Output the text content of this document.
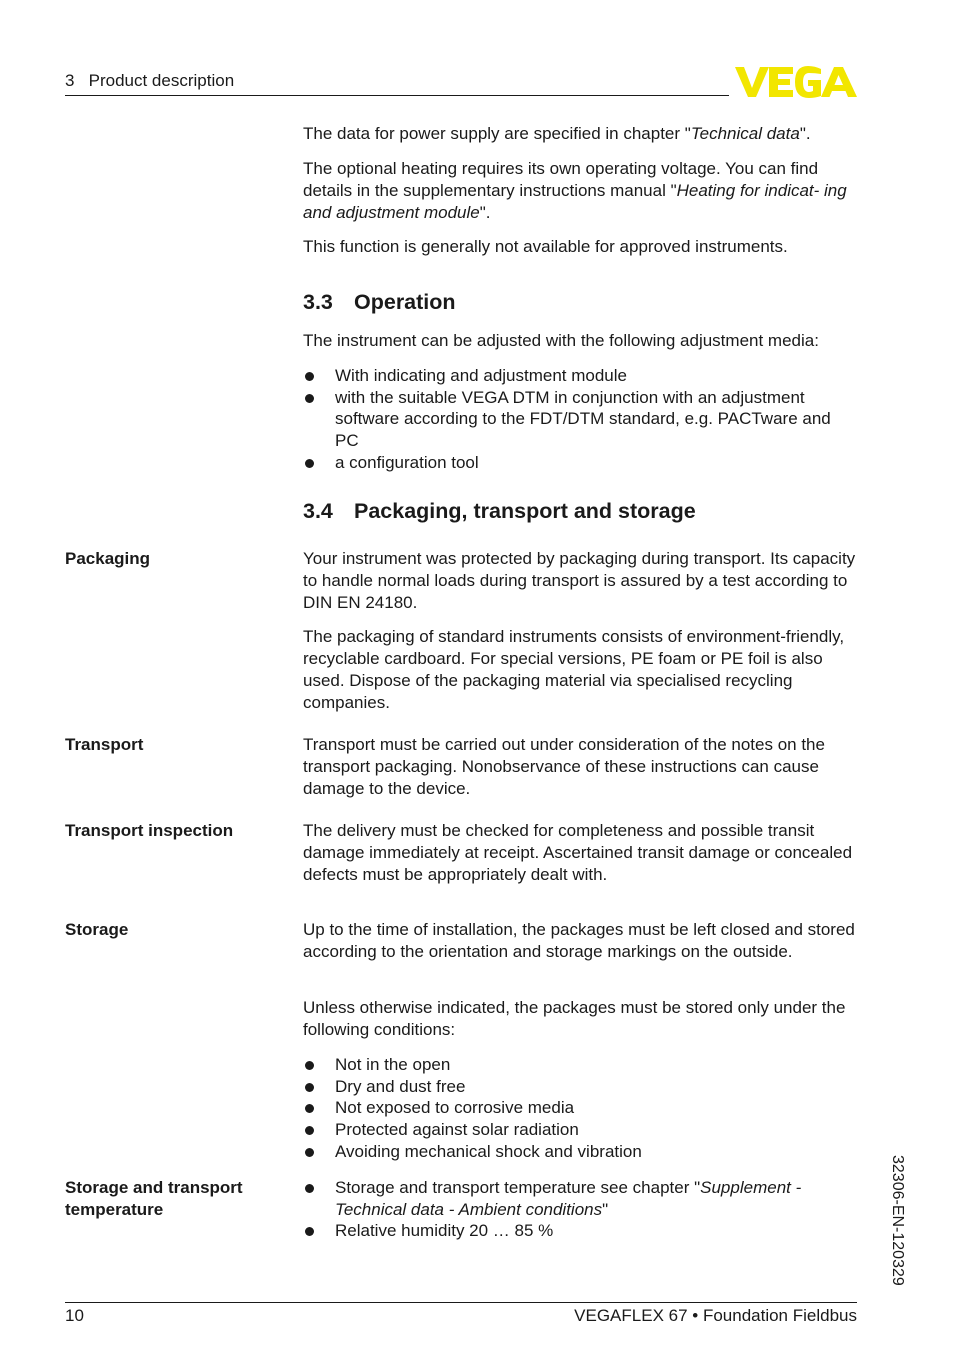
3   Product description

The data for power supply are specified in chapter "Technical data".

The optional heating requires its own operating voltage. You can find details in the supplementary instructions manual "Heating for indicat- ing and adjustment module".

This function is generally not available for approved instruments.

3.3 Operation

The instrument can be adjusted with the following adjustment media:

With indicating and adjustment module
with the suitable VEGA DTM in conjunction with an adjustment software according to the FDT/DTM standard, e.g. PACTware and PC
a configuration tool
3.4 Packaging, transport and storage
Packaging	Your instrument was protected by packaging during transport. Its capacity to handle normal loads during transport is assured by a test according to DIN EN 24180.

The packaging of standard instruments consists of environment-friendly, recyclable cardboard. For special versions, PE foam or PE foil is also used. Dispose of the packaging material via specialised recycling companies.

Transport	Transport must be carried out under consideration of the notes on the transport packaging. Nonobservance of these instructions can cause damage to the device.

Transport inspection	The delivery must be checked for completeness and possible transit damage immediately at receipt. Ascertained transit damage or concealed defects must be appropriately dealt with.

Storage	Up to the time of installation, the packages must be left closed and stored according to the orientation and storage markings on the outside.

Unless otherwise indicated, the packages must be stored only under the following conditions:

Not in the open
Dry and dust free
Not exposed to corrosive media
Protected against solar radiation
Avoiding mechanical shock and vibration
Storage and transport temperature
Storage and transport temperature see chapter "Supplement - Technical data - Ambient conditions"
Relative humidity 20 … 85 %	32306-EN-120329
10	VEGAFLEX 67 • Foundation Fieldbus
